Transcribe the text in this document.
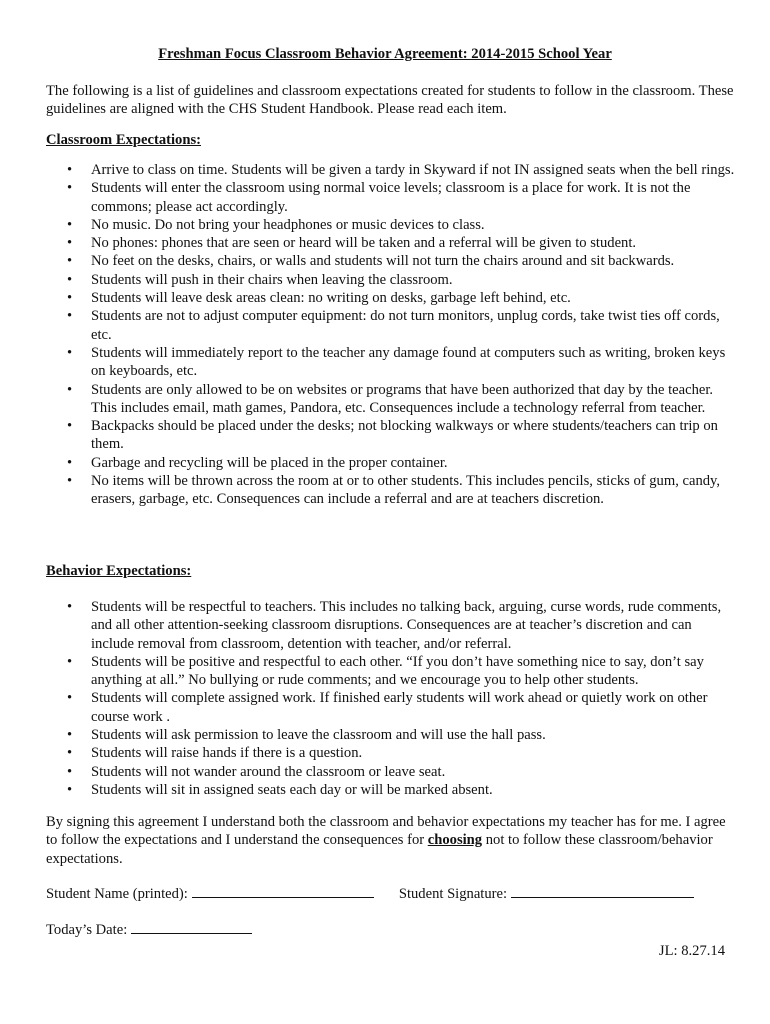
Freshman Focus Classroom Behavior Agreement: 2014-2015 School Year
The following is a list of guidelines and classroom expectations created for students to follow in the classroom. These guidelines are aligned with the CHS Student Handbook. Please read each item.
Classroom Expectations:
• Arrive to class on time. Students will be given a tardy in Skyward if not IN assigned seats when the bell rings.
• Students will enter the classroom using normal voice levels; classroom is a place for work. It is not the commons; please act accordingly.
• No music. Do not bring your headphones or music devices to class.
• No phones: phones that are seen or heard will be taken and a referral will be given to student.
• No feet on the desks, chairs, or walls and students will not turn the chairs around and sit backwards.
• Students will push in their chairs when leaving the classroom.
• Students will leave desk areas clean: no writing on desks, garbage left behind, etc.
• Students are not to adjust computer equipment: do not turn monitors, unplug cords, take twist ties off cords, etc.
• Students will immediately report to the teacher any damage found at computers such as writing, broken keys on keyboards, etc.
• Students are only allowed to be on websites or programs that have been authorized that day by the teacher. This includes email, math games, Pandora, etc. Consequences include a technology referral from teacher.
• Backpacks should be placed under the desks; not blocking walkways or where students/teachers can trip on them.
• Garbage and recycling will be placed in the proper container.
• No items will be thrown across the room at or to other students. This includes pencils, sticks of gum, candy, erasers, garbage, etc. Consequences can include a referral and are at teachers discretion.
Behavior Expectations:
• Students will be respectful to teachers. This includes no talking back, arguing, curse words, rude comments, and all other attention-seeking classroom disruptions. Consequences are at teacher’s discretion and can include removal from classroom, detention with teacher, and/or referral.
• Students will be positive and respectful to each other. “If you don’t have something nice to say, don’t say anything at all.” No bullying or rude comments; and we encourage you to help other students.
• Students will complete assigned work. If finished early students will work ahead or quietly work on other course work .
• Students will ask permission to leave the classroom and will use the hall pass.
• Students will raise hands if there is a question.
• Students will not wander around the classroom or leave seat.
• Students will sit in assigned seats each day or will be marked absent.
By signing this agreement I understand both the classroom and behavior expectations my teacher has for me. I agree to follow the expectations and I understand the consequences for choosing not to follow these classroom/behavior expectations.
Student Name (printed):	Student Signature:
Today’s Date:
JL: 8.27.14
